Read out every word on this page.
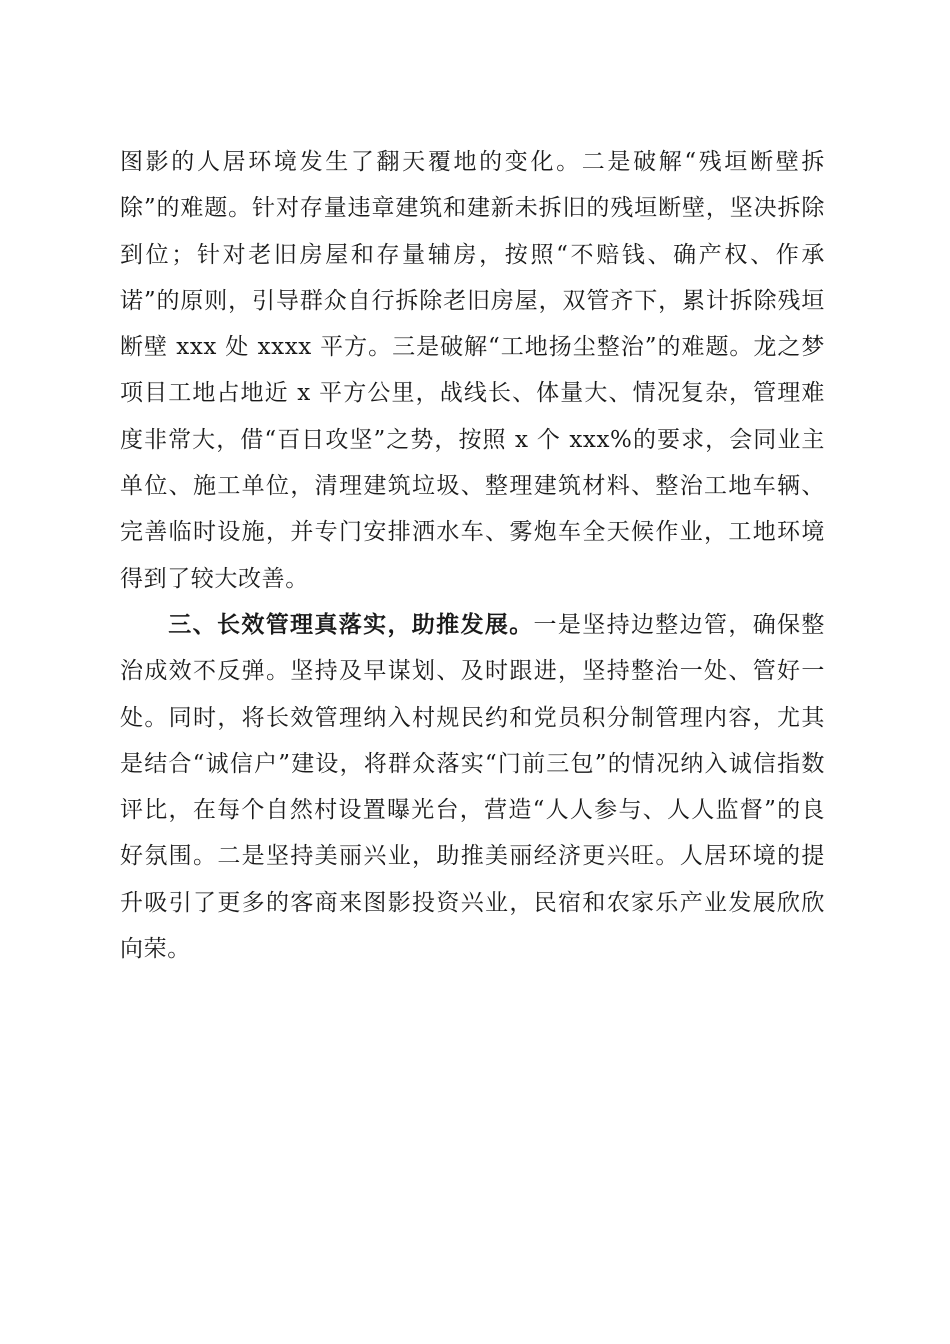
图影的人居环境发生了翻天覆地的变化。二是破解“残垣断壁拆除”的难题。针对存量违章建筑和建新未拆旧的残垣断壁，坚决拆除到位；针对老旧房屋和存量辅房，按照“不赔钱、确产权、作承诺”的原则，引导群众自行拆除老旧房屋，双管齐下，累计拆除残垣断壁 xxx 处 xxxx 平方。三是破解“工地扬尘整治”的难题。龙之梦项目工地占地近 x 平方公里，战线长、体量大、情况复杂，管理难度非常大，借“百日攻坚”之势，按照 x 个 xxx%的要求，会同业主单位、施工单位，清理建筑垃圾、整理建筑材料、整治工地车辆、完善临时设施，并专门安排洒水车、雾炮车全天候作业，工地环境得到了较大改善。

三、长效管理真落实，助推发展。一是坚持边整边管，确保整治成效不反弹。坚持及早谋划、及时跟进，坚持整治一处、管好一处。同时，将长效管理纳入村规民约和党员积分制管理内容，尤其是结合“诚信户”建设，将群众落实“门前三包”的情况纳入诚信指数评比，在每个自然村设置曝光台，营造“人人参与、人人监督”的良好氛围。二是坚持美丽兴业，助推美丽经济更兴旺。人居环境的提升吸引了更多的客商来图影投资兴业，民宿和农家乐产业发展欣欣向荣。
